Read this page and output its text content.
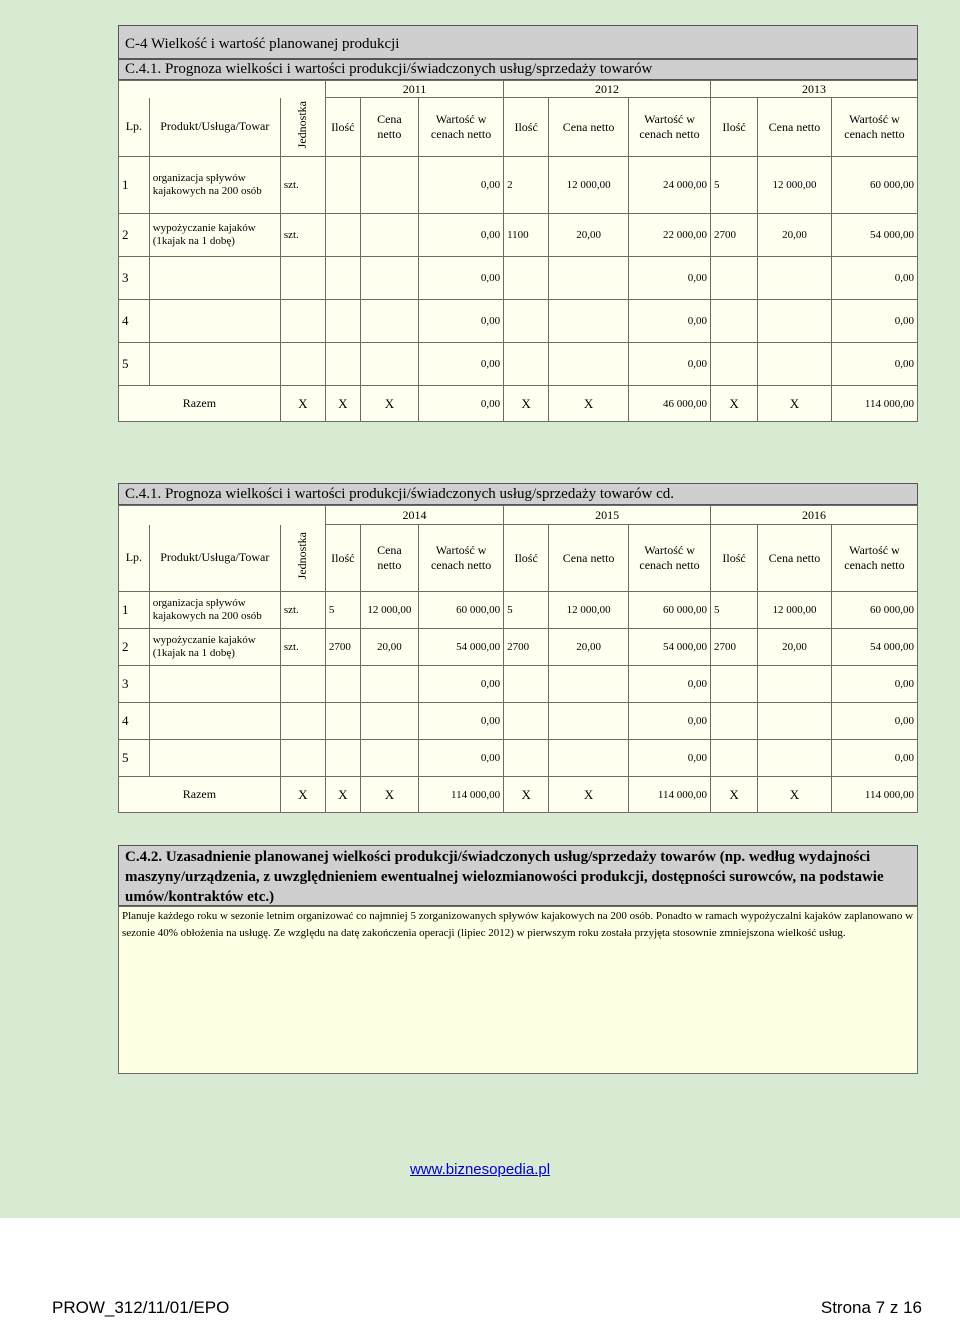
C-4 Wielkość i wartość planowanej produkcji
C.4.1. Prognoza wielkości i wartości produkcji/świadczonych usług/sprzedaży towarów
			2011			2012			2013		
Lp.	Produkt/Usługa/Towar	Jednostka	Ilość	Cena netto	Wartość w cenach netto	Ilość	Cena netto	Wartość w cenach netto	Ilość	Cena netto	Wartość w cenach netto
1	organizacja spływów kajakowych na 200 osób	szt.			0,00	2	12 000,00	24 000,00	5	12 000,00	60 000,00
2	wypożyczanie kajaków (1kajak na 1 dobę)	szt.			0,00	1100	20,00	22 000,00	2700	20,00	54 000,00
3					0,00			0,00			0,00
4					0,00			0,00			0,00
5					0,00			0,00			0,00
Razem		X	X	X	0,00	X	X	46 000,00	X	X	114 000,00
C.4.1. Prognoza wielkości i wartości produkcji/świadczonych usług/sprzedaży towarów cd.
			2014			2015			2016		
Lp.	Produkt/Usługa/Towar	Jednostka	Ilość	Cena netto	Wartość w cenach netto	Ilość	Cena netto	Wartość w cenach netto	Ilość	Cena netto	Wartość w cenach netto
1	organizacja spływów kajakowych na 200 osób	szt.	5	12 000,00	60 000,00	5	12 000,00	60 000,00	5	12 000,00	60 000,00
2	wypożyczanie kajaków (1kajak na 1 dobę)	szt.	2700	20,00	54 000,00	2700	20,00	54 000,00	2700	20,00	54 000,00
3					0,00			0,00			0,00
4					0,00			0,00			0,00
5					0,00			0,00			0,00
Razem		X	X	X	114 000,00	X	X	114 000,00	X	X	114 000,00
C.4.2. Uzasadnienie planowanej wielkości produkcji/świadczonych usług/sprzedaży towarów (np. według wydajności maszyny/urządzenia, z uwzględnieniem ewentualnej wielozmianowości produkcji, dostępności surowców, na podstawie umów/kontraktów etc.)
Planuje każdego roku w sezonie letnim organizować co najmniej 5 zorganizowanych spływów kajakowych na 200 osób. Ponadto w ramach wypożyczalni kajaków zaplanowano w sezonie 40% obłożenia na usługę. Ze względu na datę zakończenia operacji (lipiec 2012) w pierwszym roku została przyjęta stosownie zmniejszona wielkość usług.
www.biznesopedia.pl
PROW_312/11/01/EPO	Strona 7 z 16
